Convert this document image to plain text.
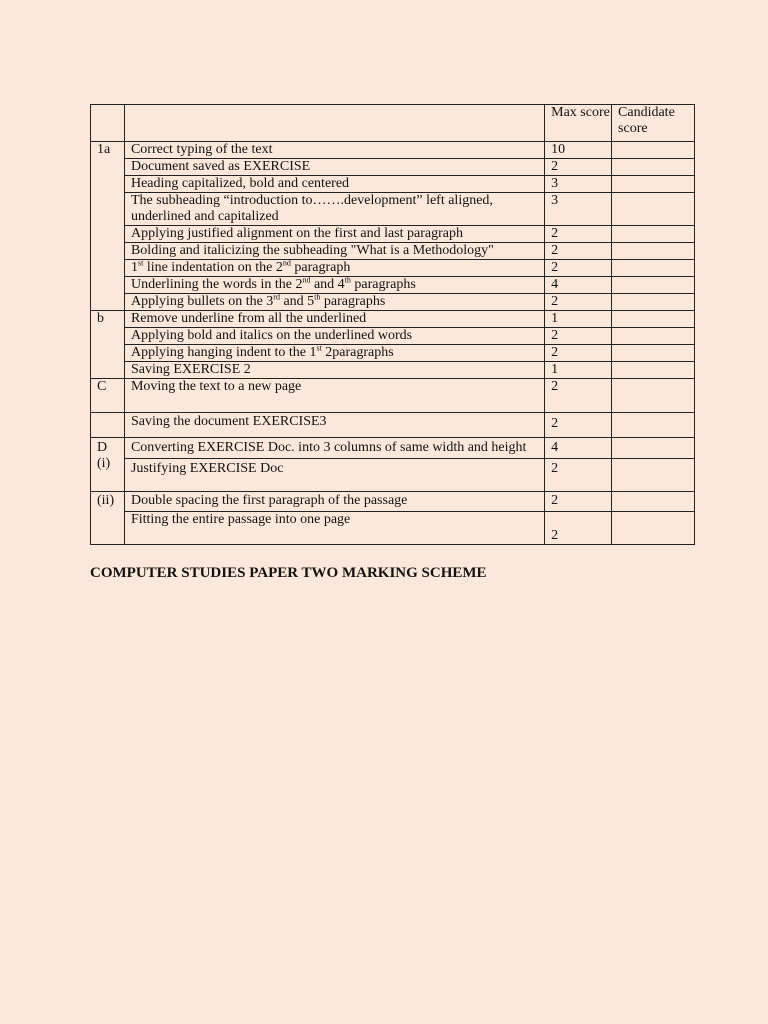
		Max score	Candidate score
1a	Correct typing of the text	10	
	Document saved as EXERCISE	2	
	Heading capitalized, bold and centered	3	
	The subheading “introduction to…….development” left aligned, underlined and capitalized	3	
	Applying justified alignment on the first and last paragraph	2	
	Bolding and italicizing the subheading "What is a Methodology"	2	
	1st line indentation on the 2nd paragraph	2	
	Underlining the words in the 2nd and 4th paragraphs	4	
	Applying bullets on the 3rd and 5th paragraphs	2	
b	Remove underline from all the underlined	1	
	Applying bold and italics on the underlined words	2	
	Applying hanging indent to the 1st 2paragraphs	2	
	Saving EXERCISE 2	1	
C	Moving the text to a new page	2	
	Saving the document EXERCISE3	2	
D
(i)	Converting EXERCISE Doc. into 3 columns of same width and height	4	
	Justifying EXERCISE Doc	2	
(ii)	Double spacing the first paragraph of the passage	2	
	Fitting the entire passage into one page	2	
COMPUTER STUDIES PAPER TWO MARKING SCHEME
